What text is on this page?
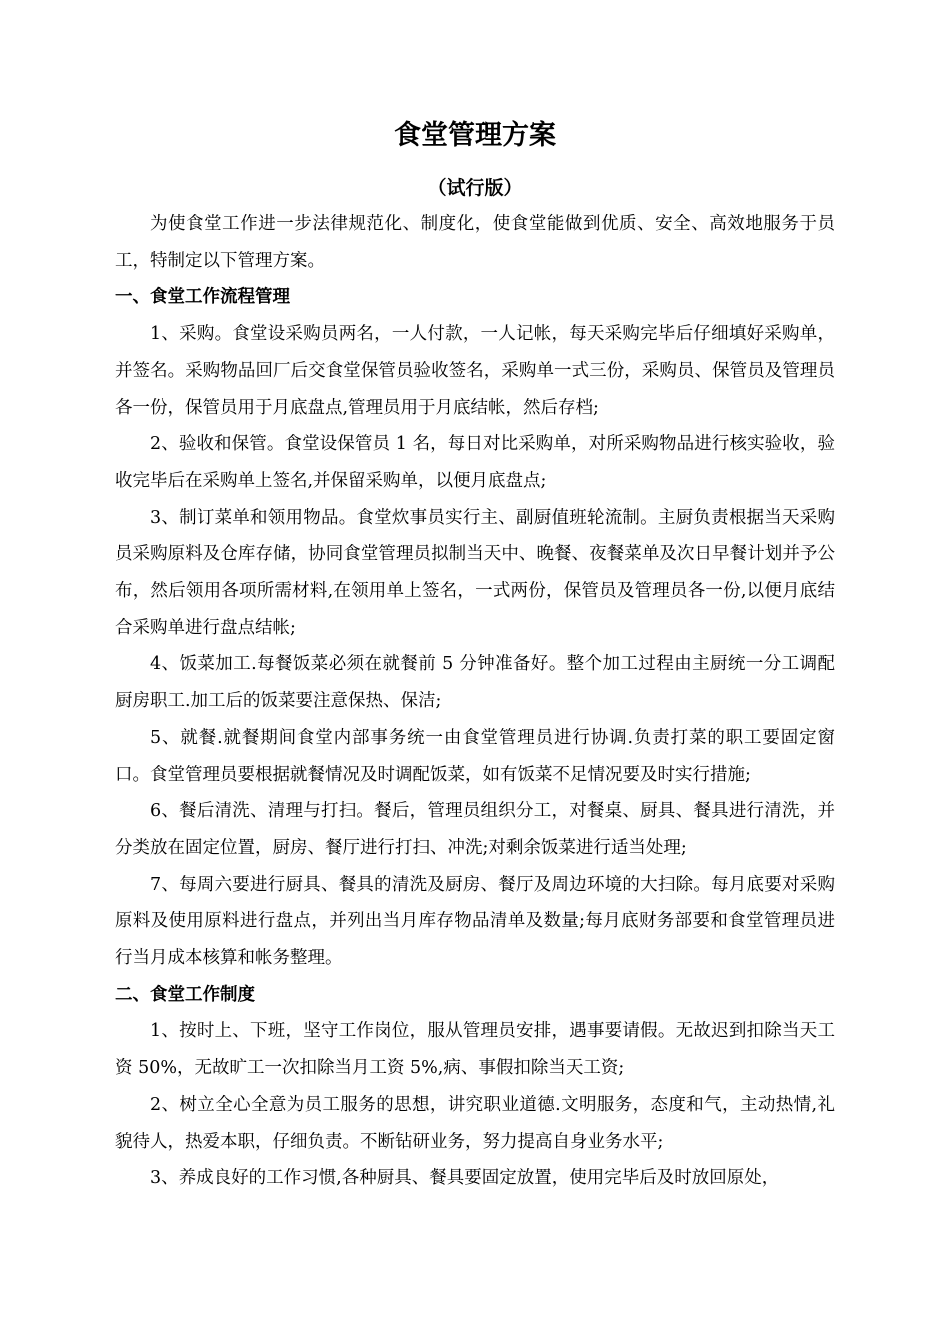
食堂管理方案
（试行版）

为使食堂工作进一步法律规范化、制度化，使食堂能做到优质、安全、高效地服务于员工，特制定以下管理方案。

一、食堂工作流程管理

1、采购。食堂设采购员两名，一人付款，一人记帐，每天采购完毕后仔细填好采购单，并签名。采购物品回厂后交食堂保管员验收签名，采购单一式三份，采购员、保管员及管理员各一份，保管员用于月底盘点,管理员用于月底结帐，然后存档;

2、验收和保管。食堂设保管员 1 名，每日对比采购单，对所采购物品进行核实验收，验收完毕后在采购单上签名,并保留采购单，以便月底盘点;

3、制订菜单和领用物品。食堂炊事员实行主、副厨值班轮流制。主厨负责根据当天采购员采购原料及仓库存储，协同食堂管理员拟制当天中、晚餐、夜餐菜单及次日早餐计划并予公布，然后领用各项所需材料,在领用单上签名，一式两份，保管员及管理员各一份,以便月底结合采购单进行盘点结帐;

4、饭菜加工.每餐饭菜必须在就餐前 5 分钟准备好。整个加工过程由主厨统一分工调配厨房职工.加工后的饭菜要注意保热、保洁;

5、就餐.就餐期间食堂内部事务统一由食堂管理员进行协调.负责打菜的职工要固定窗口。食堂管理员要根据就餐情况及时调配饭菜，如有饭菜不足情况要及时实行措施;

6、餐后清洗、清理与打扫。餐后，管理员组织分工，对餐桌、厨具、餐具进行清洗，并分类放在固定位置，厨房、餐厅进行打扫、冲洗;对剩余饭菜进行适当处理;

7、每周六要进行厨具、餐具的清洗及厨房、餐厅及周边环境的大扫除。每月底要对采购原料及使用原料进行盘点，并列出当月库存物品清单及数量;每月底财务部要和食堂管理员进行当月成本核算和帐务整理。

二、食堂工作制度

1、按时上、下班，坚守工作岗位，服从管理员安排，遇事要请假。无故迟到扣除当天工资 50%，无故旷工一次扣除当月工资 5%,病、事假扣除当天工资;

2、树立全心全意为员工服务的思想，讲究职业道德.文明服务，态度和气，主动热情,礼貌待人，热爱本职，仔细负责。不断钻研业务，努力提高自身业务水平;

3、养成良好的工作习惯,各种厨具、餐具要固定放置，使用完毕后及时放回原处，
